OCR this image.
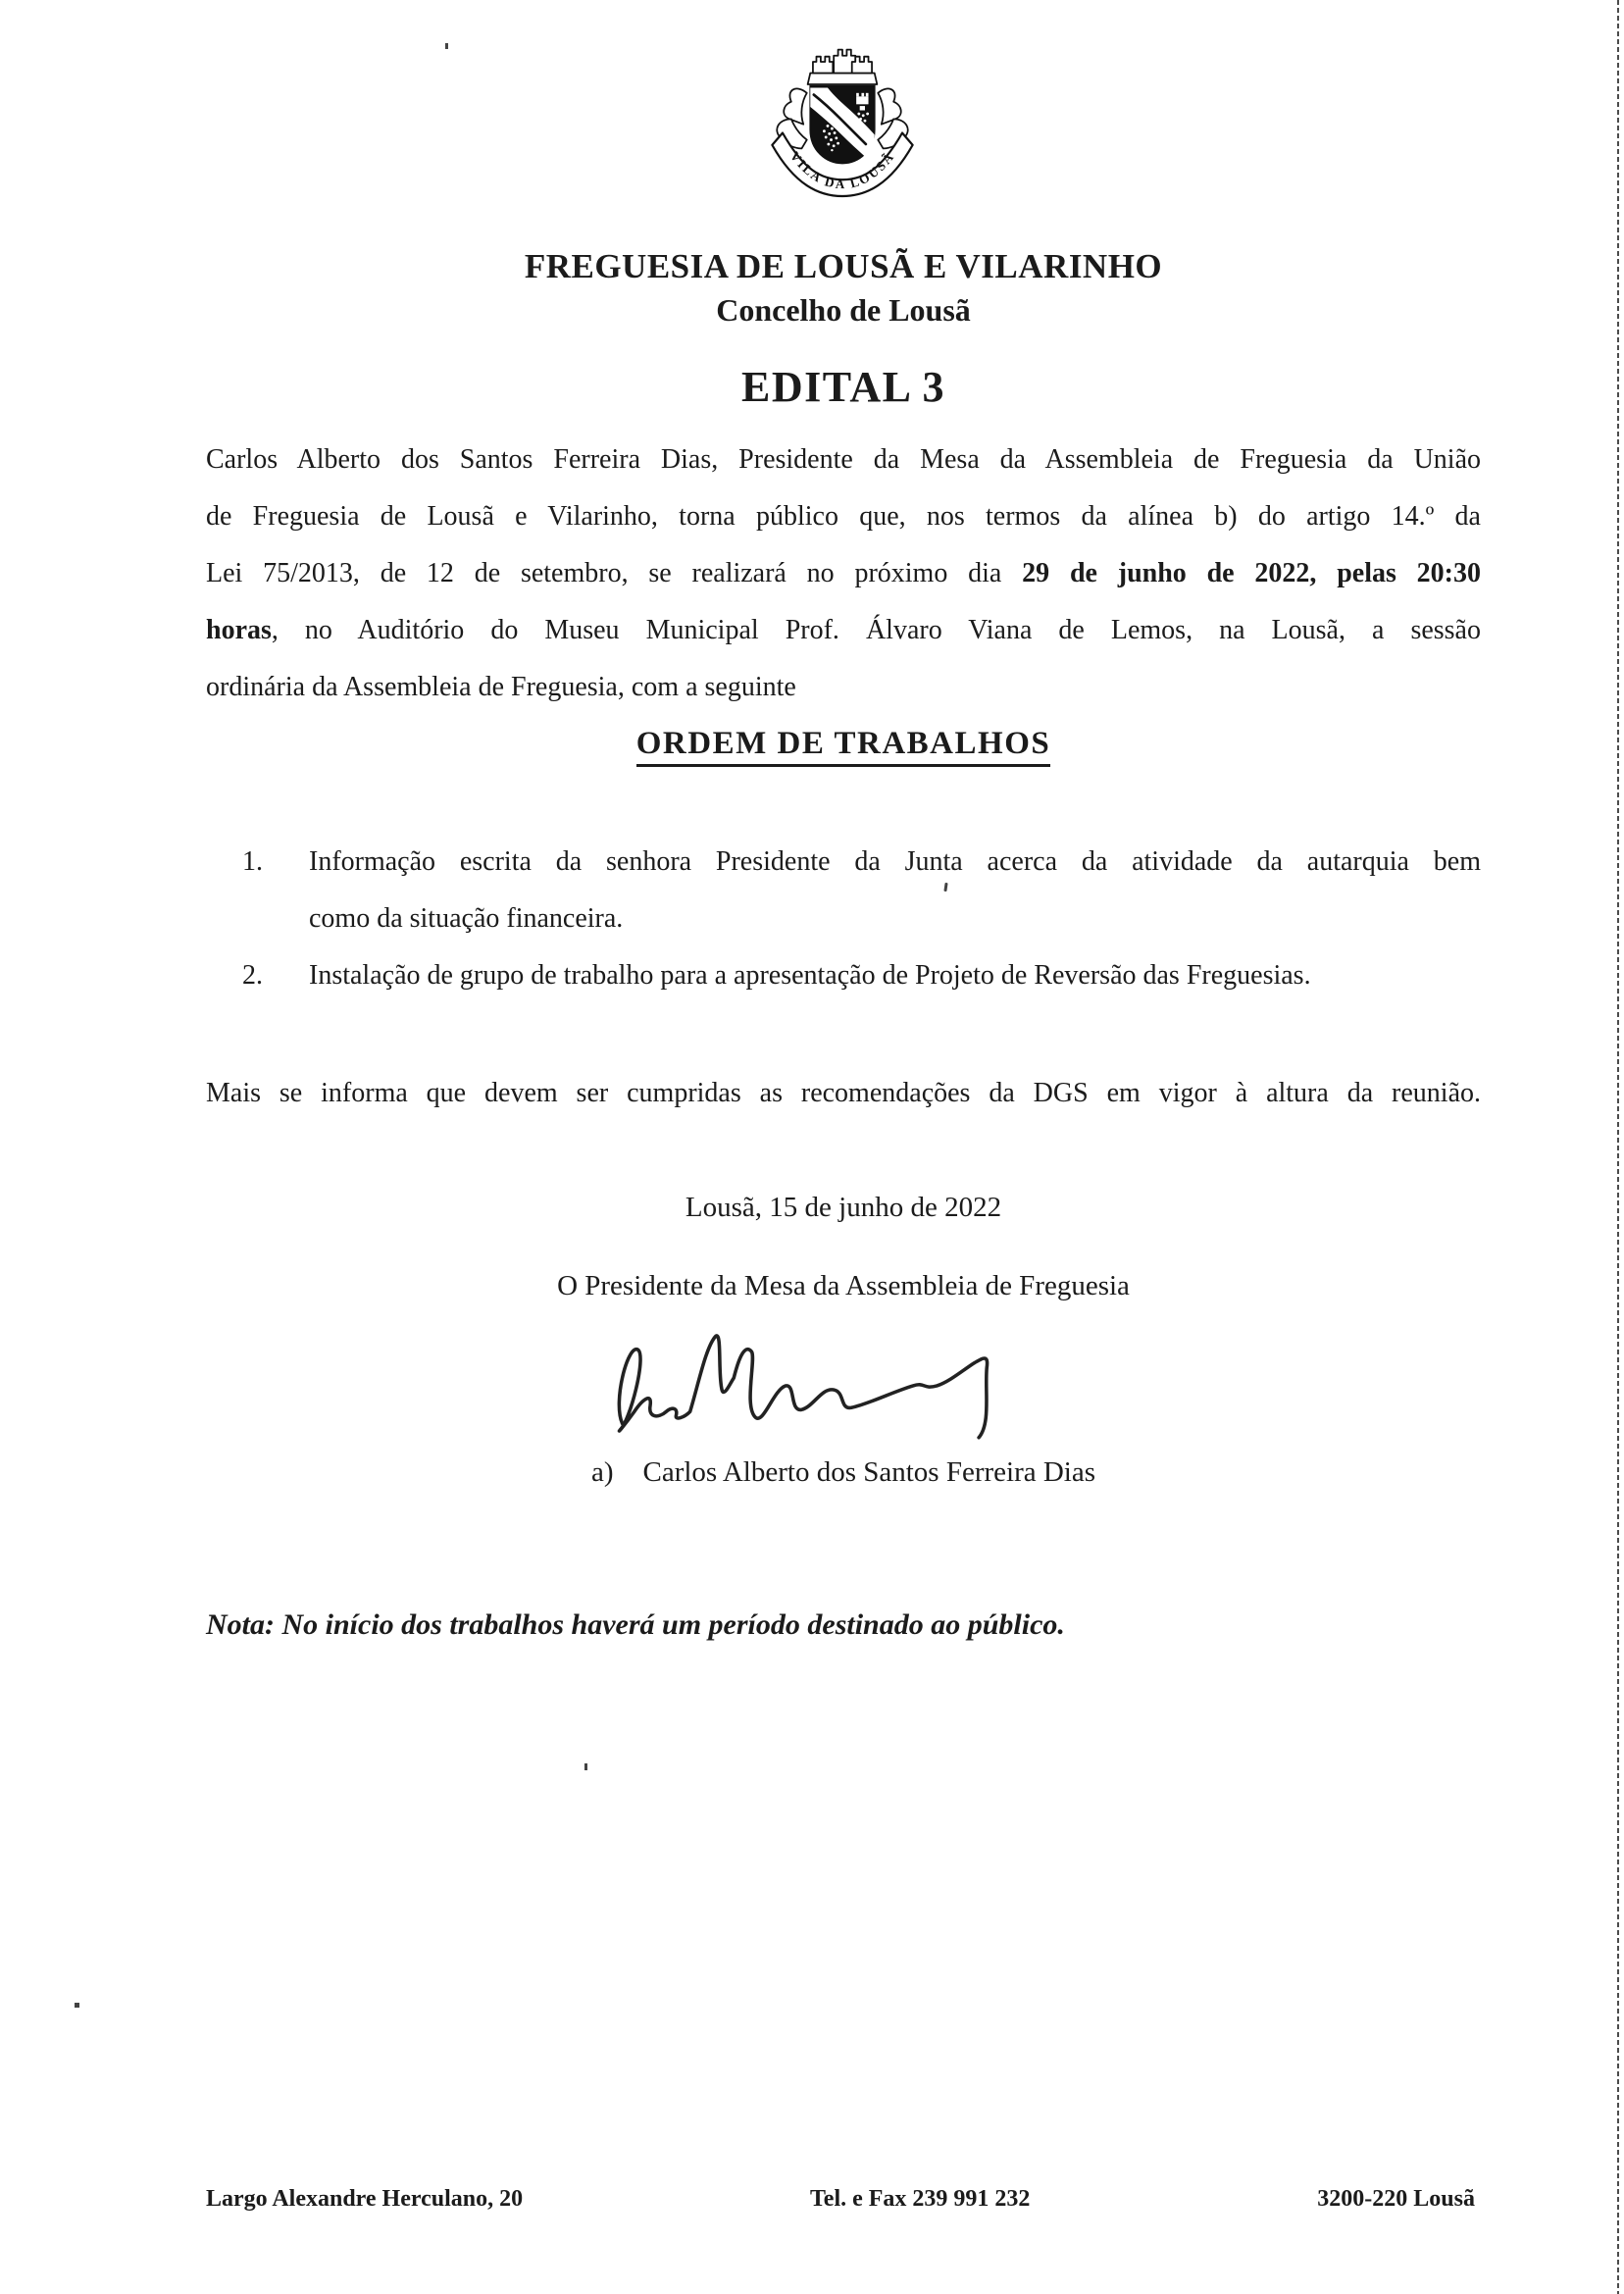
VILA DA LOUSÃ
FREGUESIA DE LOUSÃ E VILARINHO
Concelho de Lousã
EDITAL 3
Carlos Alberto dos Santos Ferreira Dias, Presidente da Mesa da Assembleia de Freguesia da União
de Freguesia de Lousã e Vilarinho, torna público que, nos termos da alínea b) do artigo 14.º da
Lei 75/2013, de 12 de setembro, se realizará no próximo dia 29 de junho de 2022, pelas 20:30
horas, no Auditório do Museu Municipal Prof. Álvaro Viana de Lemos, na Lousã, a sessão
ordinária da Assembleia de Freguesia, com a seguinte
ORDEM DE TRABALHOS
1. Informação escrita da senhora Presidente da Junta acerca da atividade da autarquia bem
como da situação financeira.
2. Instalação de grupo de trabalho para a apresentação de Projeto de Reversão das Freguesias.
Mais se informa que devem ser cumpridas as recomendações da DGS em vigor à altura da reunião.
Lousã, 15 de junho de 2022
O Presidente da Mesa da Assembleia de Freguesia
a) Carlos Alberto dos Santos Ferreira Dias
Nota: No início dos trabalhos haverá um período destinado ao público.
Largo Alexandre Herculano, 20	Tel. e Fax 239 991 232	3200-220 Lousã
